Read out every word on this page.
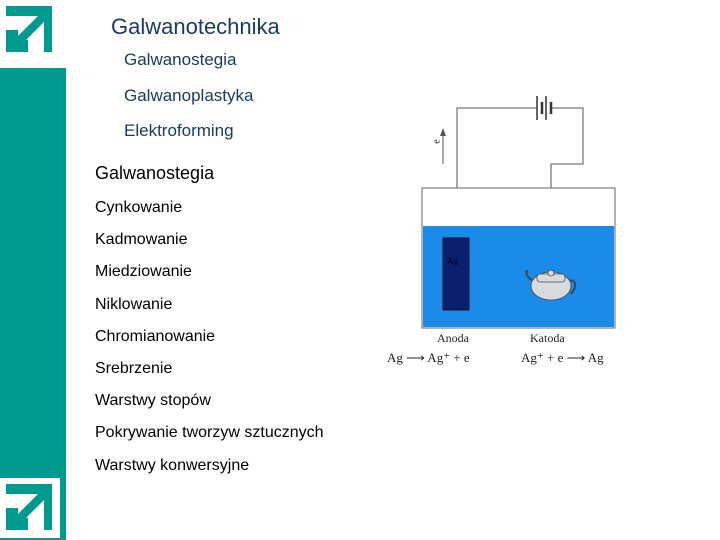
Galwanotechnika
Galwanostegia
Galwanoplastyka
Elektroforming
Galwanostegia
Cynkowanie
Kadmowanie
Miedziowanie
Niklowanie
Chromianowanie
Srebrzenie
Warstwy stopów
Pokrywanie tworzyw sztucznych
Warstwy konwersyjne
e
Ag
Anoda	Katoda
Ag ⟶ Ag⁺ + e	Ag⁺ + e ⟶ Ag
